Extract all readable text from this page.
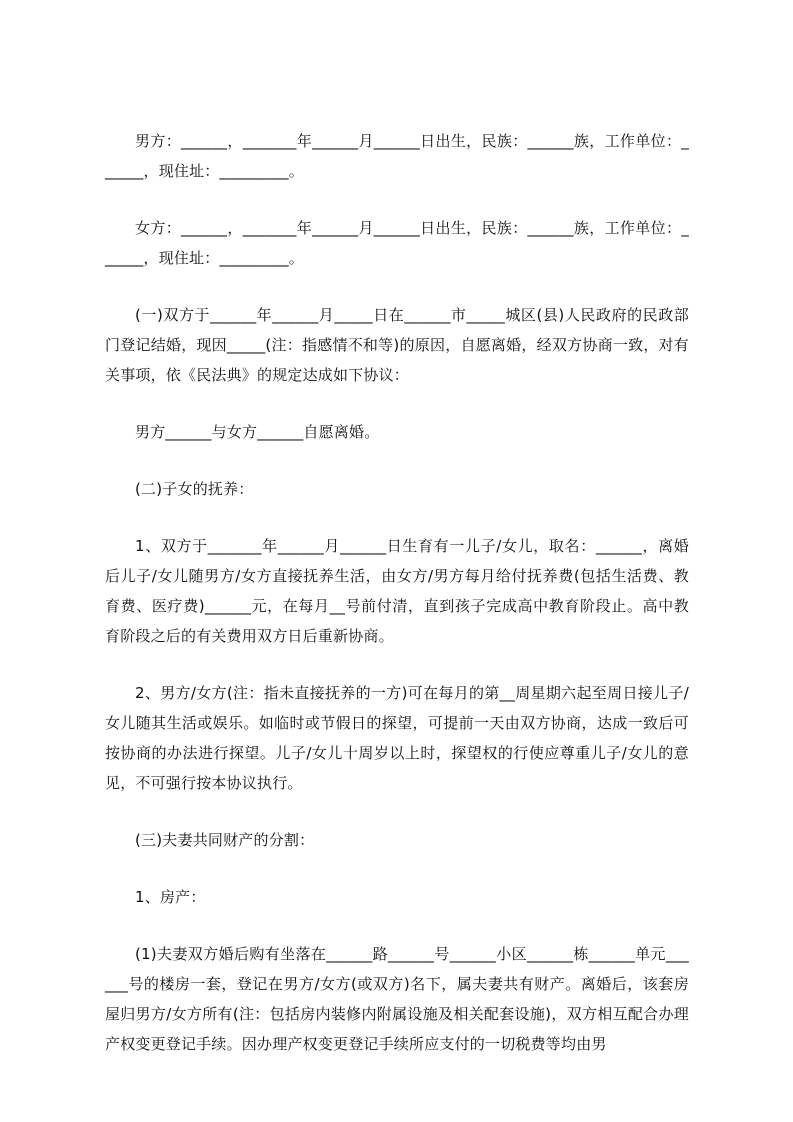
男方：______，_______年______月______日出生，民族：______族，工作单位：______，现住址：_________。

女方：______，_______年______月______日出生，民族：______族，工作单位：______，现住址：_________。

(一)双方于______年______月_____日在______市_____城区(县)人民政府的民政部门登记结婚，现因_____(注：指感情不和等)的原因，自愿离婚，经双方协商一致，对有关事项，依《民法典》的规定达成如下协议：

男方______与女方______自愿离婚。

(二)子女的抚养：

1、双方于_______年______月______日生育有一儿子/女儿，取名：______，离婚后儿子/女儿随男方/女方直接抚养生活，由女方/男方每月给付抚养费(包括生活费、教育费、医疗费)______元，在每月__号前付清，直到孩子完成高中教育阶段止。高中教育阶段之后的有关费用双方日后重新协商。

2、男方/女方(注：指未直接抚养的一方)可在每月的第__周星期六起至周日接儿子/女儿随其生活或娱乐。如临时或节假日的探望，可提前一天由双方协商，达成一致后可按协商的办法进行探望。儿子/女儿十周岁以上时，探望权的行使应尊重儿子/女儿的意见，不可强行按本协议执行。

(三)夫妻共同财产的分割：

1、房产：

(1)夫妻双方婚后购有坐落在______路______号______小区______栋______单元______号的楼房一套，登记在男方/女方(或双方)名下，属夫妻共有财产。离婚后，该套房屋归男方/女方所有(注：包括房内装修内附属设施及相关配套设施)，双方相互配合办理产权变更登记手续。因办理产权变更登记手续所应支付的一切税费等均由男
